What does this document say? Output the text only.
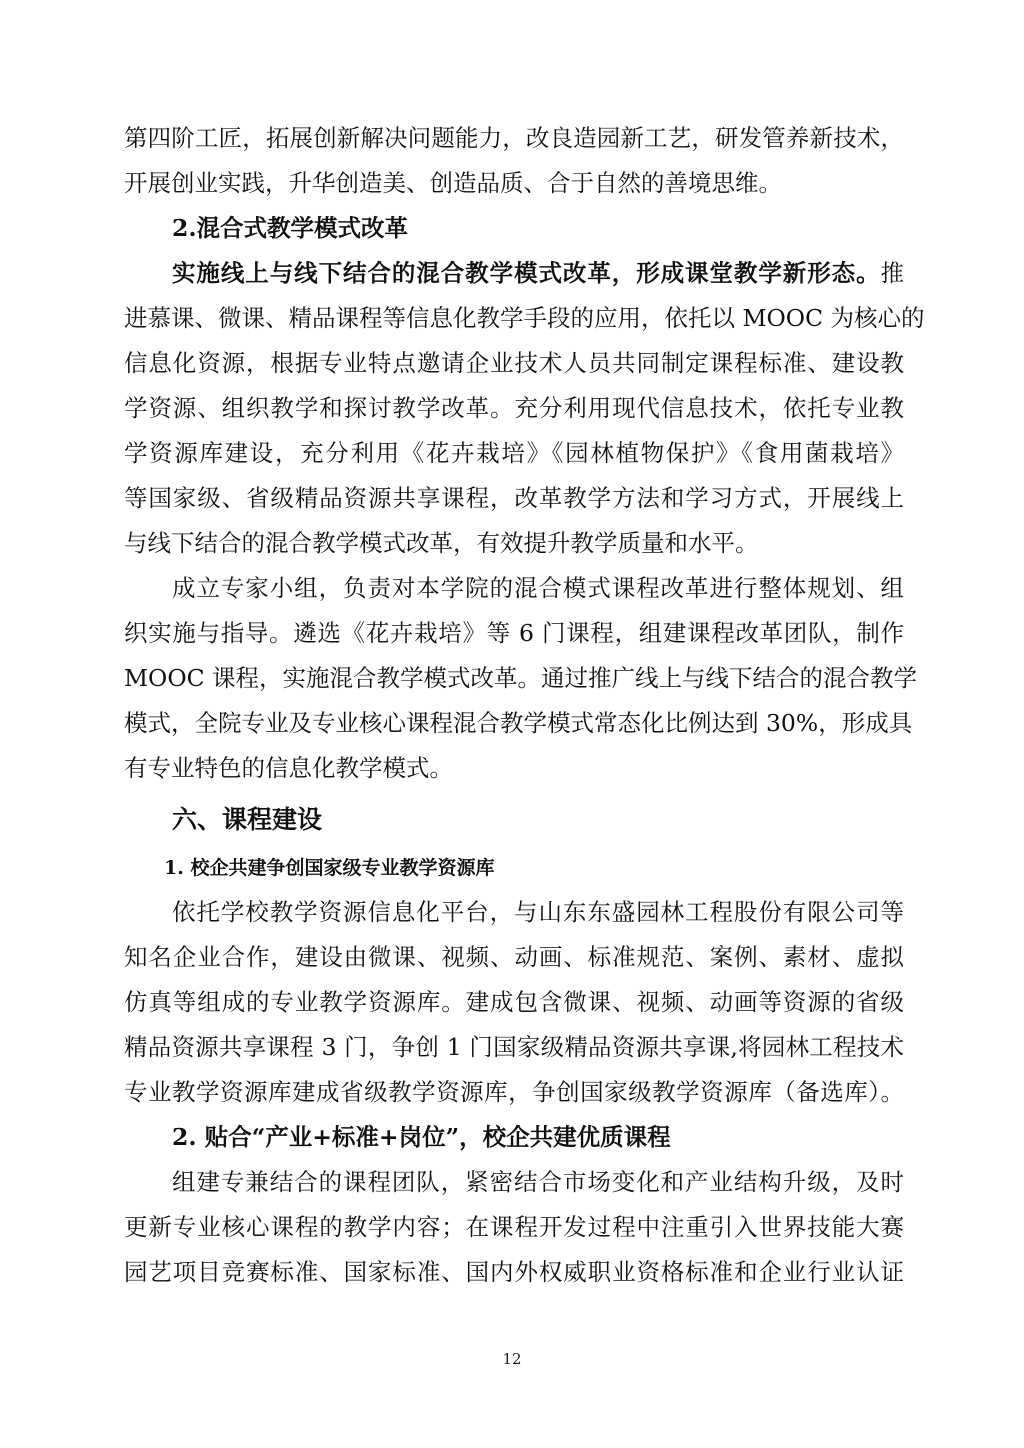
第四阶工匠，拓展创新解决问题能力，改良造园新工艺，研发管养新技术，
开展创业实践，升华创造美、创造品质、合于自然的善境思维。
2.混合式教学模式改革
实施线上与线下结合的混合教学模式改革，形成课堂教学新形态。推
进慕课、微课、精品课程等信息化教学手段的应用，依托以 MOOC 为核心的
信息化资源，根据专业特点邀请企业技术人员共同制定课程标准、建设教
学资源、组织教学和探讨教学改革。充分利用现代信息技术，依托专业教
学资源库建设，充分利用《花卉栽培》《园林植物保护》《食用菌栽培》
等国家级、省级精品资源共享课程，改革教学方法和学习方式，开展线上
与线下结合的混合教学模式改革，有效提升教学质量和水平。
成立专家小组，负责对本学院的混合模式课程改革进行整体规划、组
织实施与指导。遴选《花卉栽培》等 6 门课程，组建课程改革团队，制作
MOOC 课程，实施混合教学模式改革。通过推广线上与线下结合的混合教学
模式，全院专业及专业核心课程混合教学模式常态化比例达到 30%，形成具
有专业特色的信息化教学模式。
六、课程建设
1. 校企共建争创国家级专业教学资源库
依托学校教学资源信息化平台，与山东东盛园林工程股份有限公司等
知名企业合作，建设由微课、视频、动画、标准规范、案例、素材、虚拟
仿真等组成的专业教学资源库。建成包含微课、视频、动画等资源的省级
精品资源共享课程 3 门，争创 1 门国家级精品资源共享课,将园林工程技术
专业教学资源库建成省级教学资源库，争创国家级教学资源库（备选库）。
2. 贴合“产业+标准+岗位”，校企共建优质课程
组建专兼结合的课程团队，紧密结合市场变化和产业结构升级，及时
更新专业核心课程的教学内容；在课程开发过程中注重引入世界技能大赛
园艺项目竞赛标准、国家标准、国内外权威职业资格标准和企业行业认证
12
